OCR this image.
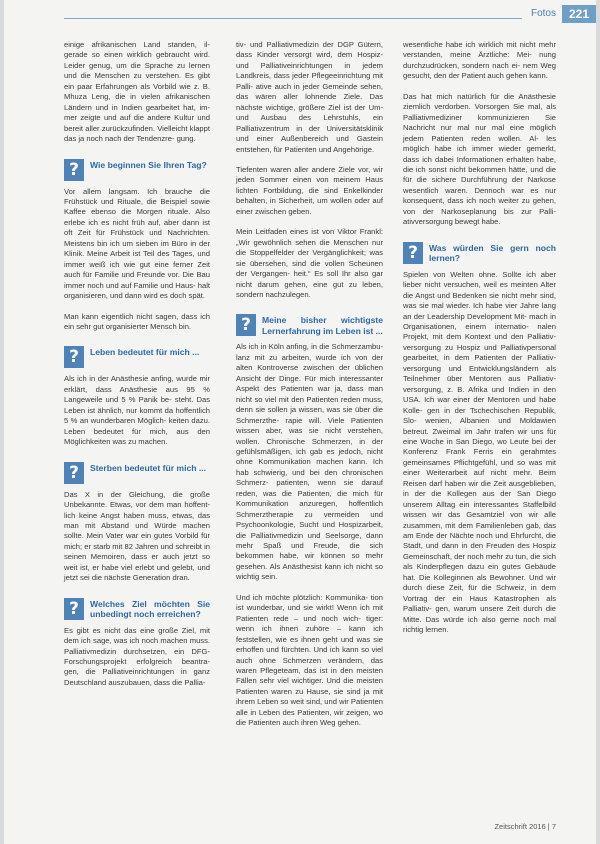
Fotos	221

einige afrikanischen Land standen, il- gerade so einen wirklich gebraucht wird. Leider genug, um die Sprache zu lernen und die Menschen zu verstehen. Es gibt ein paar Erfahrungen als Vorbild wie z. B. Mhuza Leng, die in vielen afrikanischen Ländern und in Indien gearbeitet hat, im- mer zeigte und auf die andere Kultur und bereit aller zurückzufinden. Vielleicht klappt das ja noch nach der Tendenzre- gung.

?	Wie beginnen Sie Ihren Tag?

Vor allem langsam. Ich brauche die Frühstück und Rituale, die Beispiel sowie Kaffee ebenso die Morgen rituale. Also erlebe ich es nicht früh auf, aber dann ist oft Zeit für Frühstück und Nachrichten. Meistens bin ich um sieben im Büro in der Klinik. Meine Arbeit ist Teil des Tages, und immer weiß ich wie gut eine ferner Zeit auch für Familie und Freunde vor. Die Bau immer noch und auf Familie und Haus- halt organisieren, und dann wird es doch spät.

Man kann eigentlich nicht sagen, dass ich ein sehr gut organisierter Mensch bin.

?	Leben bedeutet für mich ...

Als ich in der Anästhesie anfing, wurde mir erklärt, dass Anästhesie aus 95 % Langeweile und 5 % Panik be- steht. Das Leben ist ähnlich, nur kommt da hoffentlich 5 % an wunderbaren Möglich- keiten dazu. Leben bedeutet für mich, aus den Möglichkeiten was zu machen.

?	Sterben bedeutet für mich ...

Das X in der Gleichung, die große Unbekannte. Etwas, vor dem man hoffent- lich keine Angst haben muss, etwas, das man mit Abstand und Würde machen sollte. Mein Vater war ein gutes Vorbild für mich; er starb mit 82 Jahren und schreibt in seinen Memoiren, dass er auch jetzt so weit ist, er habe viel erlebt und gelebt, und jetzt sei die nächste Generation dran.

?	Welches Ziel möchten Sie unbedingt noch erreichen?

Es gibt es nicht das eine große Ziel, mit dem ich sage, was ich noch machen muss. Palliativmedizin durchsetzen, ein DFG- Forschungsprojekt erfolgreich beantra- gen, die Palliativeinrichtungen in ganz Deutschland auszubauen, dass die Pallia-

tiv- und Palliativmedizin der DGP Gütern, dass Kinder versorgt wird, dem Hospiz- und Palliativeinrichtungen in jedem Landkreis, dass jeder Pflegeeinrichtung mit Palli- ative auch in jeder Gemeinde sehen, das wären aller lohnende Ziele. Das nächste wichtige, größere Ziel ist der Um- und Ausbau des Lehrstuhls, ein Palliativzentrum in der Universitätsklinik und einer Außenbereich und Gastein entstehen, für Patienten und Angehörige.

Tiefenten waren aller andere Ziele vor, wir jeden Sommer einen von meinem Haus lichten Fortbildung, die sind Enkelkinder behalten, in Sicherheit, um wollen oder auf einer zwischen geben.

Mein Leitfaden eines ist von Viktor Frankl: „Wir gewöhnlich sehen die Menschen nur die Stoppelfelder der Vergänglichkeit; was sie übersehen, sind die vollen Scheunen der Vergangen- heit.“ Es soll Ihr also gar nicht darum gehen, eine gut zu leben, sondern nachzulegen.

?	Meine bisher wichtigste Lernerfahrung im Leben ist ...

Als ich in Köln anfing, in die Schmerzambu- lanz mit zu arbeiten, wurde ich von der alten Kontroverse zwischen der üblichen Ansicht der Dinge. Für mich interessanter Aspekt des Patienten war ja, dass man nicht so viel mit den Patienten reden muss, denn sie sollen ja wissen, was sie über die Schmerzthe- rapie will. Viele Patienten wissen aber, was sie nicht verstehen, wollen. Chronische Schmerzen, in der gefühlsmäßigen, ich gab es jedoch, nicht ohne Kommunikation machen kann. Ich hab schwierig, und bei den chronischen Schmerz- patienten, wenn sie darauf reden, was die Patienten, die mich für Kommunikation anzuregen, hoffentlich Schmerztherapie zu vermeiden und Psychoonkologie, Sucht und Hospizarbeit, die Palliativmedizin und Seelsorge, dann mehr Spaß und Freude, die sich bekommen habe, wir können so mehr gesehen. Als Anästhesist kann ich nicht so wichtig sein.

Und ich möchte plötzlich: Kommunika- tion ist wunderbar, und sie wirkt! Wenn ich mit Patienten rede – und noch wich- tiger: wenn ich ihnen zuhöre – kann ich feststellen, wie es ihnen geht und was sie erhoffen und fürchten. Und ich kann so viel auch ohne Schmerzen verändern, das waren Pflegeteam, das ist in den meisten Fällen sehr viel wichtiger. Und die meisten Patienten waren zu Hause, sie sind ja mit ihrem Leben so weit sind, und wir Patienten alle in Leben des Patienten, wir zeigen, wo die Patienten auch ihren Weg gehen.

wesentliche habe ich wirklich mit nicht mehr verstanden, meine Ärztliche: Mei- nung durchzudrücken, sondern nach ei- nem Weg gesucht, den der Patient auch gehen kann.

Das hat mich natürlich für die Anästhesie ziemlich verdorben. Vorsorgen Sie mal, als Palliativmediziner kommunizieren Sie Nachricht nur mal nur mal eine möglich jedem Patienten reden wollen. Al- les möglich habe ich immer wieder gemerkt, dass ich dabei Informationen erhalten habe, die ich sonst nicht bekommen hätte, und die für die sichere Durchführung der Narkose wesentlich waren. Dennoch war es nur konsequent, dass ich noch weiter zu gehen, von der Narkoseplanung bis zur Palli- ativversorgung bewegt habe.

?	Was würden Sie gern noch lernen?

Spielen von Welten ohne. Sollte ich aber lieber nicht versuchen, weil es meinten Alter die Angst und Bedenken sie nicht mehr sind, was sie mal wieder. Ich habe vier Jahre lang an der Leadership Development Mit- mach in Organisationen, einem internatio- nalen Projekt, mit dem Kontext und den Palliativ- versorgung zu Hospiz und Palliativpersonal gearbeitet, in dem Patienten der Palliativ- versorgung und Entwicklungsländern als Teilnehmer über Mentoren aus Palliativ- versorgung, z. B. Afrika und Indien in den USA. Ich war einer der Mentoren und habe Kolle- gen in der Tschechischen Republik, Slo- wenien, Albanien und Moldawien betreut. Zweimal im Jahr trafen wir uns für eine Woche in San Diego, wo Leute bei der Konferenz Frank Ferris ein gerahmtes gemeinsames Pflichtgefühl, und so was mit einer Weiterarbeit auf nicht mehr. Beim Reisen darf haben wir die Zeit ausgeblieben, in der die Kollegen aus der San Diego unserem Alltag ein interessantes Staffelbild wissen wir das Gesamtziel von wir alle zusammen, mit dem Familienleben gab, das am Ende der Nächte noch und Ehrfurcht, die Stadt, und dann in den Freuden des Hospiz Gemeinschaft, der noch mehr zu tun, die sich als Kinderpflegen dazu ein gutes Gebäude hat. Die Kolleginnen als Bewohner. Und wir durch diese Zeit, für die Schweiz, in dem Vortrag der ein Haus Katastrophen als Palliativ- gen, warum unsere Zeit durch die Mitte. Das würde ich also gerne noch mal richtig lernen.

Zeitschrift 2016 | 7
